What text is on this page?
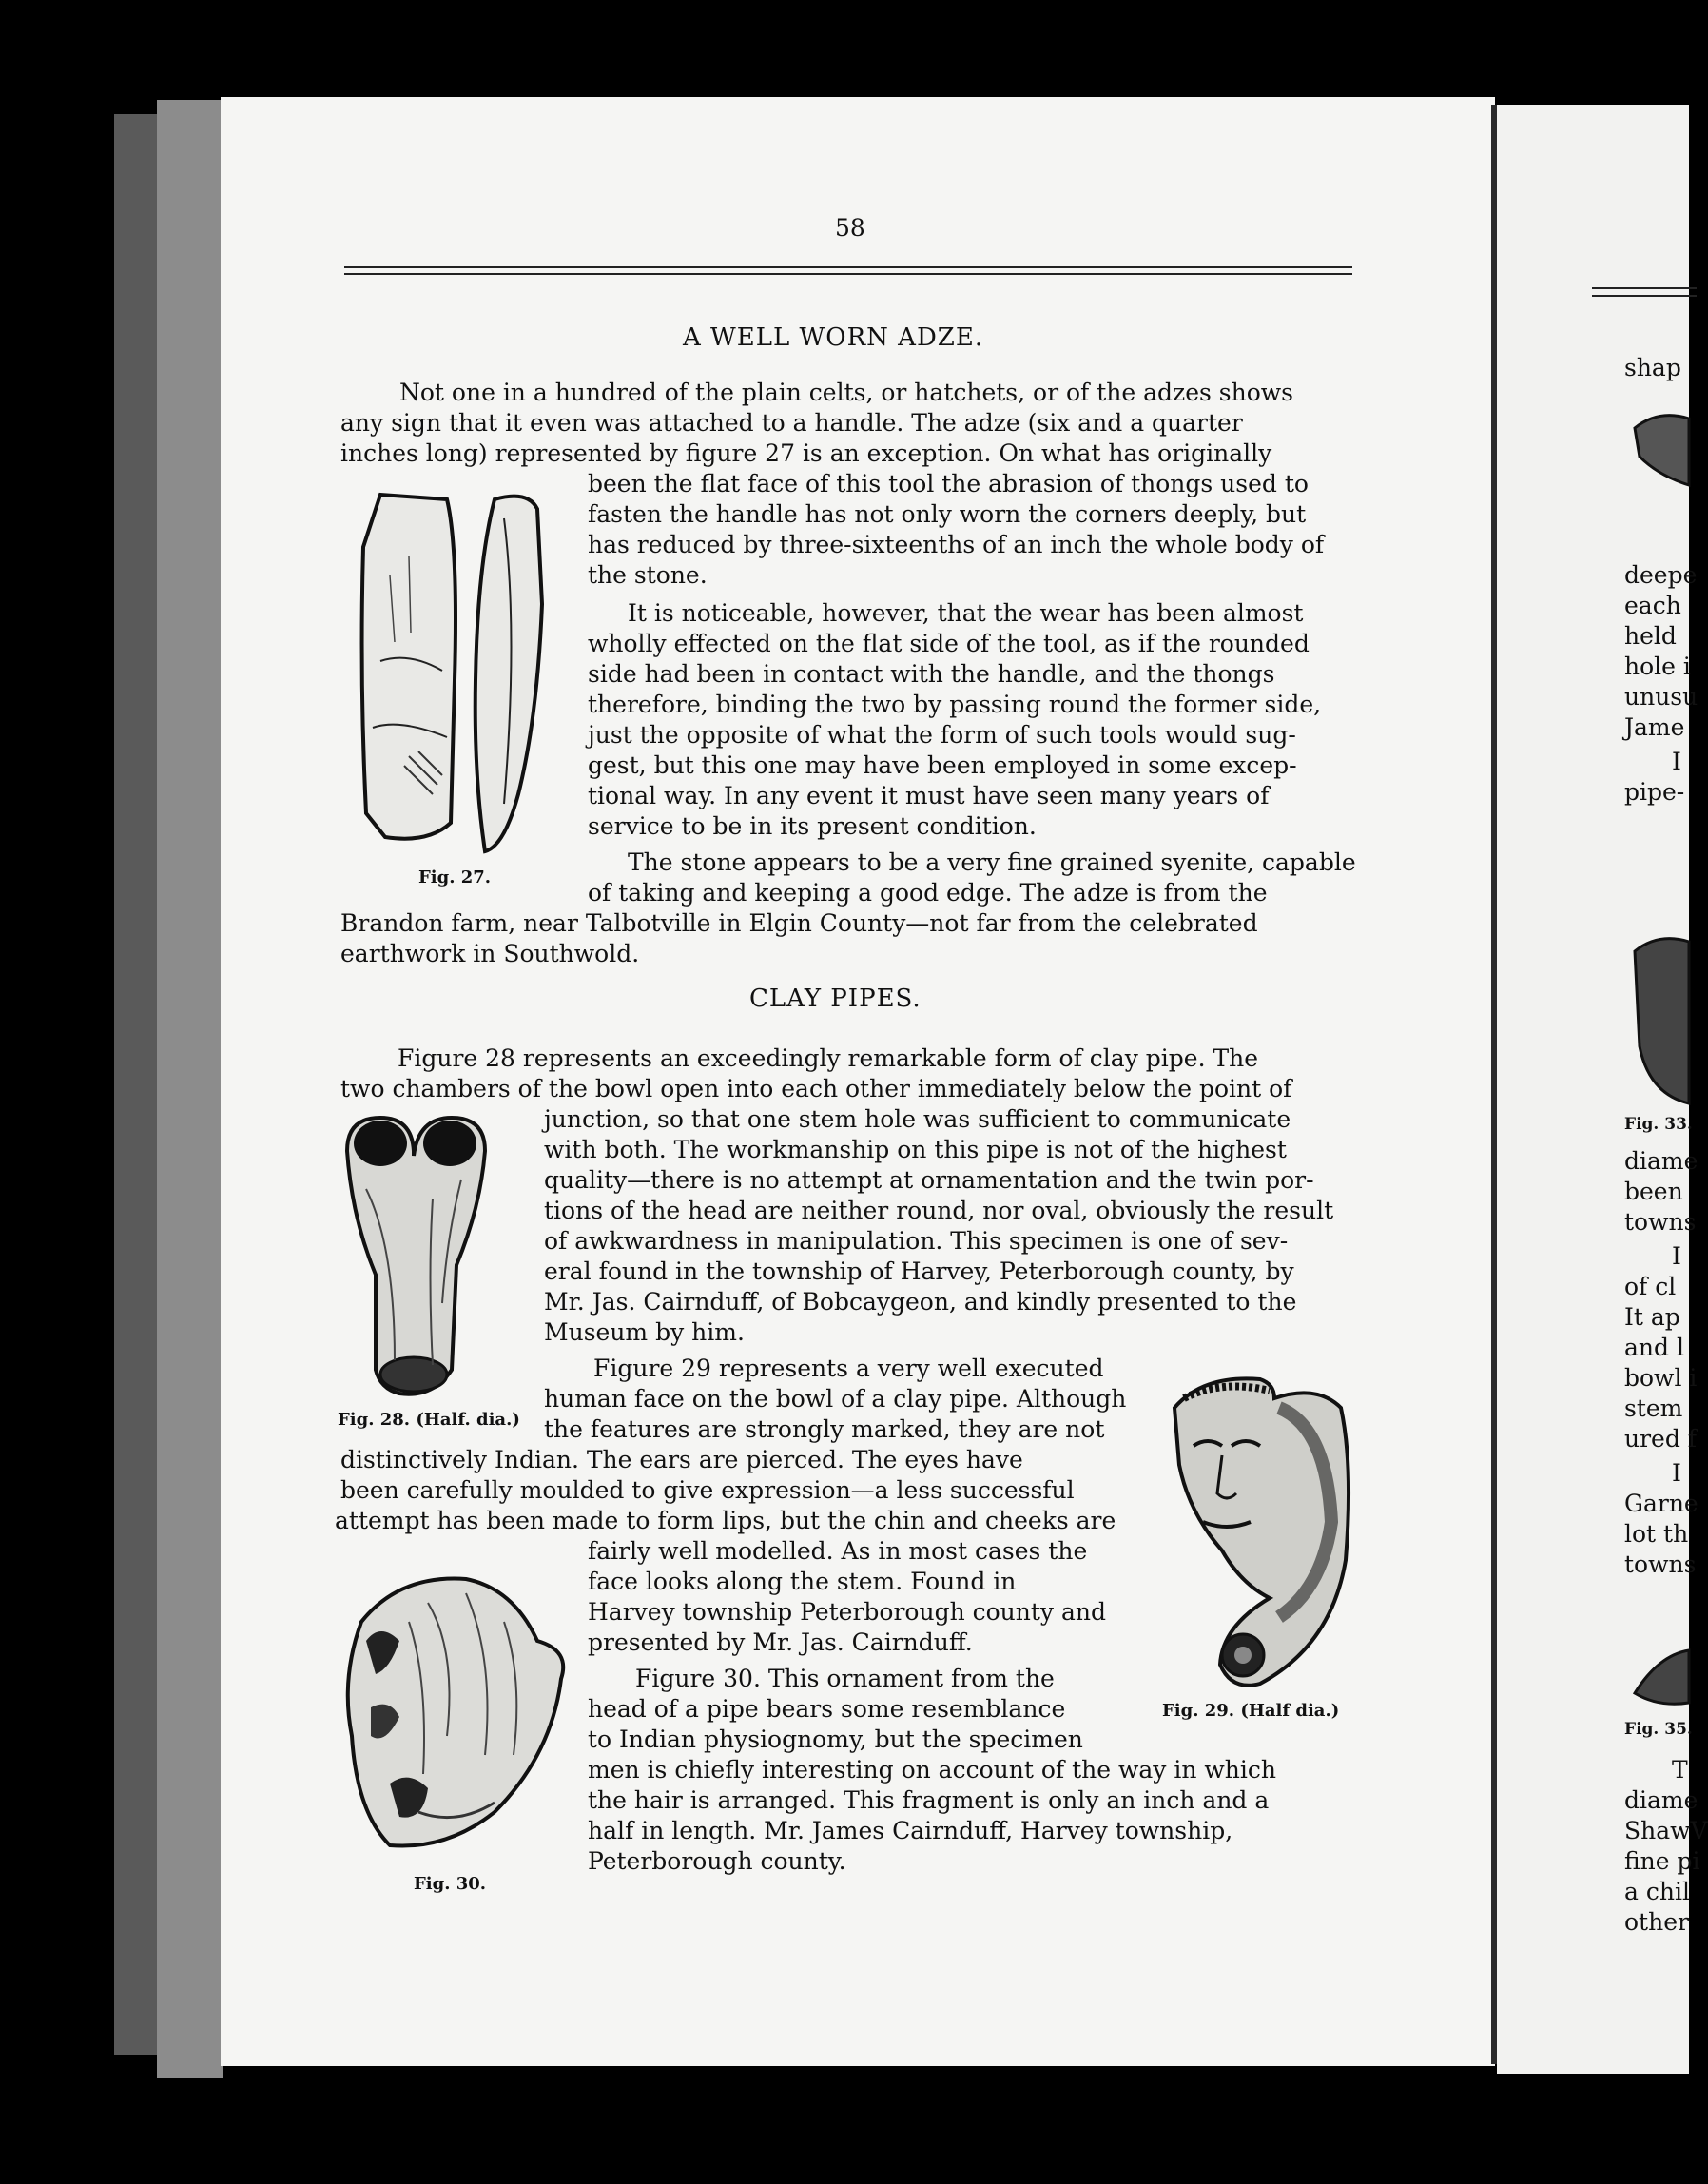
58
A WELL WORN ADZE.
Not one in a hundred of the plain celts, or hatchets, or of the adzes shows
any sign that it even was attached to a handle. The adze (six and a quarter
inches long) represented by figure 27 is an exception. On what has originally
been the flat face of this tool the abrasion of thongs used to
fasten the handle has not only worn the corners deeply, but
has reduced by three-sixteenths of an inch the whole body of
the stone.
It is noticeable, however, that the wear has been almost
wholly effected on the flat side of the tool, as if the rounded
side had been in contact with the handle, and the thongs
therefore, binding the two by passing round the former side,
just the opposite of what the form of such tools would sug-
gest, but this one may have been employed in some excep-
tional way. In any event it must have seen many years of
service to be in its present condition.
The stone appears to be a very fine grained syenite, capable
of taking and keeping a good edge. The adze is from the
Brandon farm, near Talbotville in Elgin County—not far from the celebrated
earthwork in Southwold.
Fig. 27.
CLAY PIPES.
Figure 28 represents an exceedingly remarkable form of clay pipe. The
two chambers of the bowl open into each other immediately below the point of
junction, so that one stem hole was sufficient to communicate
with both. The workmanship on this pipe is not of the highest
quality—there is no attempt at ornamentation and the twin por-
tions of the head are neither round, nor oval, obviously the result
of awkwardness in manipulation. This specimen is one of sev-
eral found in the township of Harvey, Peterborough county, by
Mr. Jas. Cairnduff, of Bobcaygeon, and kindly presented to the
Museum by him.
Figure 29 represents a very well executed
human face on the bowl of a clay pipe. Although
the features are strongly marked, they are not
distinctively Indian. The ears are pierced. The eyes have
been carefully moulded to give expression—a less successful
attempt has been made to form lips, but the chin and cheeks are
fairly well modelled. As in most cases the
face looks along the stem. Found in
Harvey township Peterborough county and
presented by Mr. Jas. Cairnduff.
Figure 30. This ornament from the
head of a pipe bears some resemblance
to Indian physiognomy, but the specimen
men is chiefly interesting on account of the way in which
the hair is arranged. This fragment is only an inch and a
half in length. Mr. James Cairnduff, Harvey township,
Peterborough county.
Fig. 28. (Half. dia.)
Fig. 29. (Half dia.)
Fig. 30.
shap
deepe
each
held
hole i
unusu
Jame
I
pipe-
diame
been
towns
I
of cl
It ap
and l
bowl i
stem
ured f
I
Garne
lot th
towns
T
diame
ShawV
fine pi
a chil
other
Fig. 33.
Fig. 35.
